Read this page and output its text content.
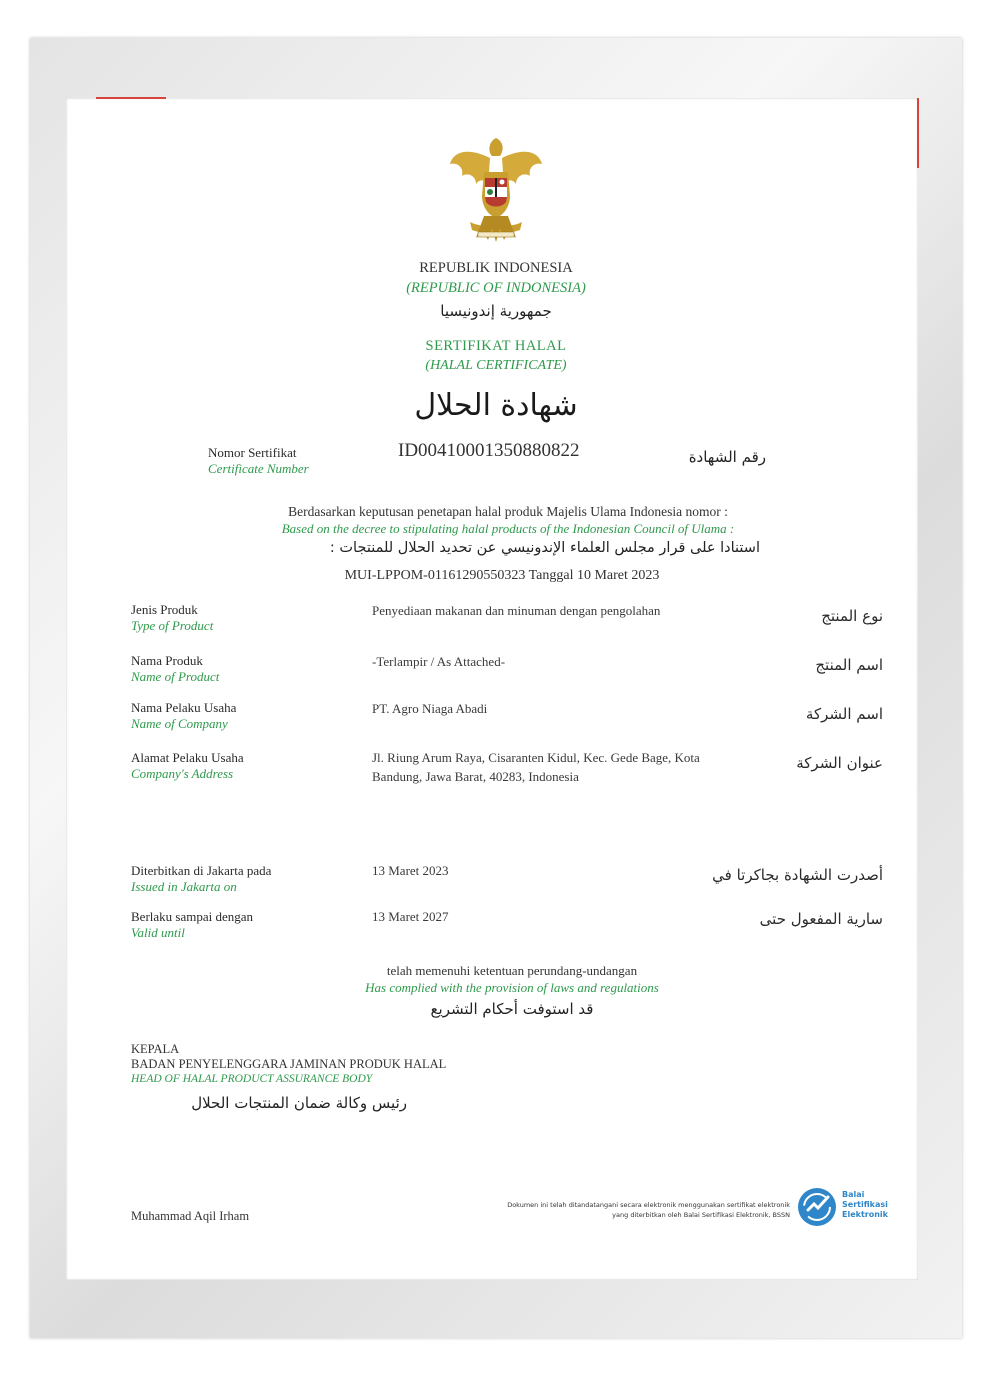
REPUBLIK INDONESIA
(REPUBLIC OF INDONESIA)
جمهورية إندونيسيا
SERTIFIKAT HALAL
(HALAL CERTIFICATE)
شهادة الحلال
Nomor Sertifikat
Certificate Number
ID00410001350880822	رقم الشهادة
Berdasarkan keputusan penetapan halal produk Majelis Ulama Indonesia nomor :
Based on the decree to stipulating halal products of the Indonesian Council of Ulama :
استنادا على قرار مجلس العلماء الإندونيسي عن تحديد الحلال للمنتجات :
MUI-LPPOM-01161290550323 Tanggal 10 Maret 2023
Jenis Produk
Type of Product
Penyediaan makanan dan minuman dengan pengolahan	نوع المنتج
Nama Produk
Name of Product
-Terlampir / As Attached-	اسم المنتج
Nama Pelaku Usaha
Name of Company
PT. Agro Niaga Abadi	اسم الشركة
Alamat Pelaku Usaha
Company's Address
Jl. Riung Arum Raya, Cisaranten Kidul, Kec. Gede Bage, Kota Bandung, Jawa Barat, 40283, Indonesia
عنوان الشركة
Diterbitkan di Jakarta pada
Issued in Jakarta on
13 Maret 2023	أصدرت الشهادة بجاكرتا في
Berlaku sampai dengan
Valid until
13 Maret 2027	سارية المفعول حتى
telah memenuhi ketentuan perundang-undangan
Has complied with the provision of laws and regulations
قد استوفت أحكام التشريع
KEPALA
BADAN PENYELENGGARA JAMINAN PRODUK HALAL
HEAD OF HALAL PRODUCT ASSURANCE BODY
رئيس وكالة ضمان المنتجات الحلال
Muhammad Aqil Irham
Dokumen ini telah ditandatangani secara elektronik menggunakan sertifikat elektronik yang diterbitkan oleh Balai Sertifikasi Elektronik, BSSN
Balai Sertifikasi Elektronik
